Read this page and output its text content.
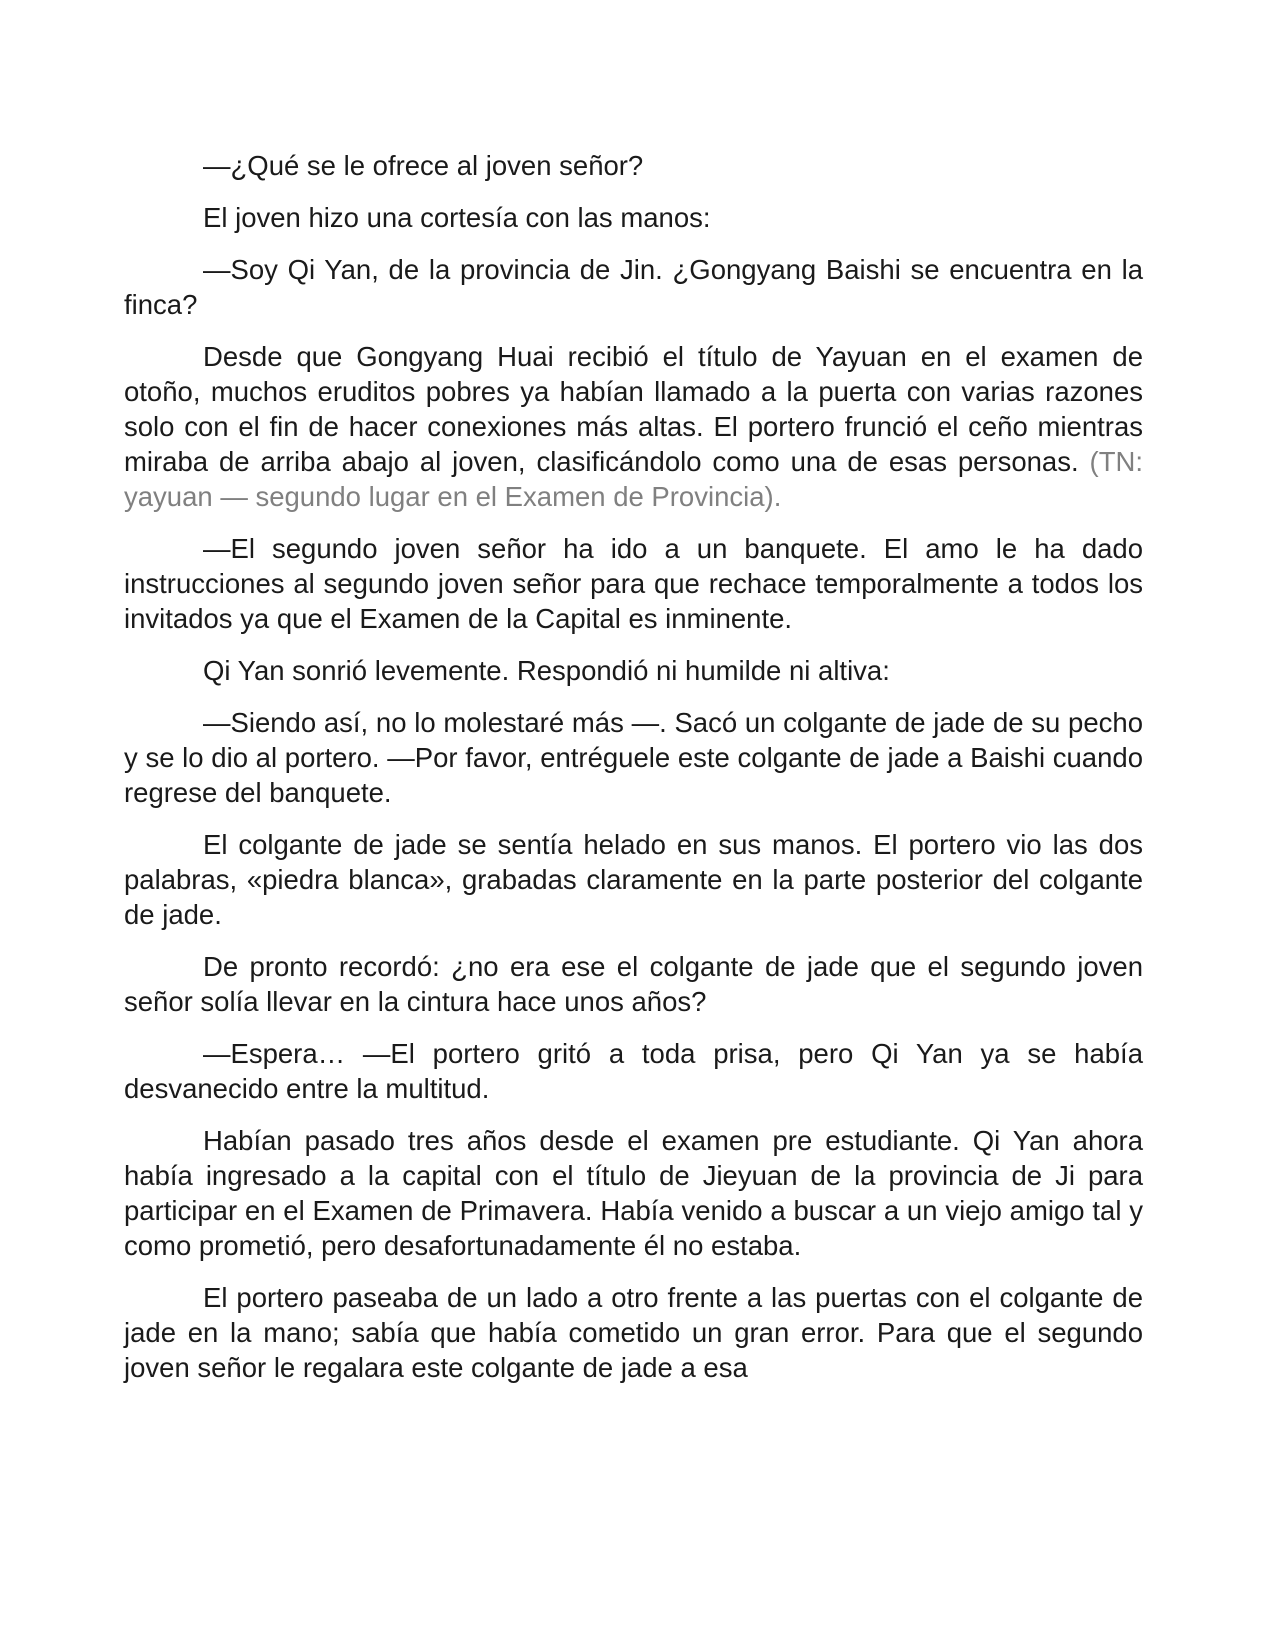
—¿Qué se le ofrece al joven señor?

El joven hizo una cortesía con las manos:

—Soy Qi Yan, de la provincia de Jin. ¿Gongyang Baishi se encuentra en la finca?

Desde que Gongyang Huai recibió el título de Yayuan en el examen de otoño, muchos eruditos pobres ya habían llamado a la puerta con varias razones solo con el fin de hacer conexiones más altas. El portero frunció el ceño mientras miraba de arriba abajo al joven, clasificándolo como una de esas personas. (TN: yayuan — segundo lugar en el Examen de Provincia).

—El segundo joven señor ha ido a un banquete. El amo le ha dado instrucciones al segundo joven señor para que rechace temporalmente a todos los invitados ya que el Examen de la Capital es inminente.

Qi Yan sonrió levemente. Respondió ni humilde ni altiva:

—Siendo así, no lo molestaré más —. Sacó un colgante de jade de su pecho y se lo dio al portero. —Por favor, entréguele este colgante de jade a Baishi cuando regrese del banquete.

El colgante de jade se sentía helado en sus manos. El portero vio las dos palabras, «piedra blanca», grabadas claramente en la parte posterior del colgante de jade.

De pronto recordó: ¿no era ese el colgante de jade que el segundo joven señor solía llevar en la cintura hace unos años?

—Espera… —El portero gritó a toda prisa, pero Qi Yan ya se había desvanecido entre la multitud.

Habían pasado tres años desde el examen pre estudiante. Qi Yan ahora había ingresado a la capital con el título de Jieyuan de la provincia de Ji para participar en el Examen de Primavera. Había venido a buscar a un viejo amigo tal y como prometió, pero desafortunadamente él no estaba.

El portero paseaba de un lado a otro frente a las puertas con el colgante de jade en la mano; sabía que había cometido un gran error. Para que el segundo joven señor le regalara este colgante de jade a esa
